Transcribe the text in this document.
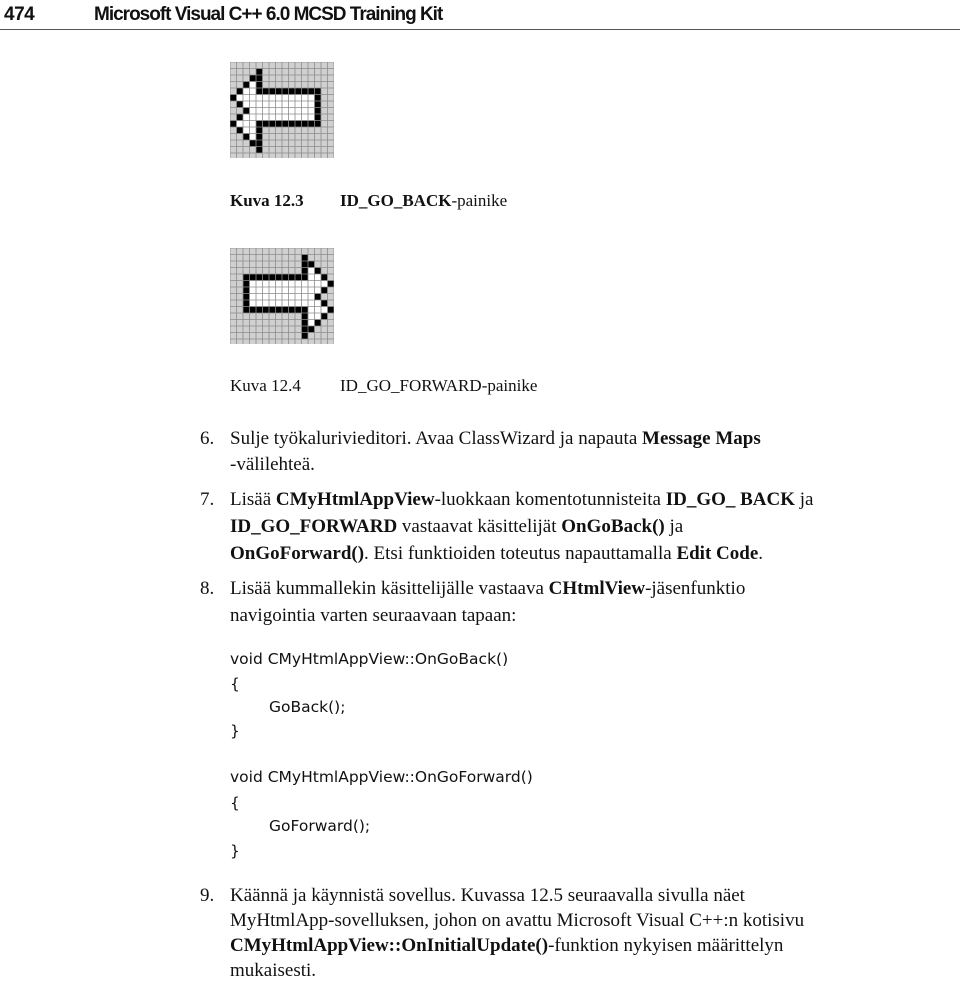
474	Microsoft Visual C++ 6.0 MCSD Training Kit
Kuva 12.3 ID_GO_BACK-painike
Kuva 12.4 ID_GO_FORWARD-painike
6. Sulje työkalurivieditori. Avaa ClassWizard ja napauta Message Maps
-välilehteä.
7. Lisää CMyHtmlAppView-luokkaan komentotunnisteita ID_GO_ BACK ja
ID_GO_FORWARD vastaavat käsittelijät OnGoBack() ja
OnGoForward(). Etsi funktioiden toteutus napauttamalla Edit Code.
8. Lisää kummallekin käsittelijälle vastaava CHtmlView-jäsenfunktio
navigointia varten seuraavaan tapaan:
void CMyHtmlAppView::OnGoBack()
{
GoBack();
}
void CMyHtmlAppView::OnGoForward()
{
GoForward();
}
9. Käännä ja käynnistä sovellus. Kuvassa 12.5 seuraavalla sivulla näet
MyHtmlApp-sovelluksen, johon on avattu Microsoft Visual C++:n kotisivu
CMyHtmlAppView::OnInitialUpdate()-funktion nykyisen määrittelyn
mukaisesti.
